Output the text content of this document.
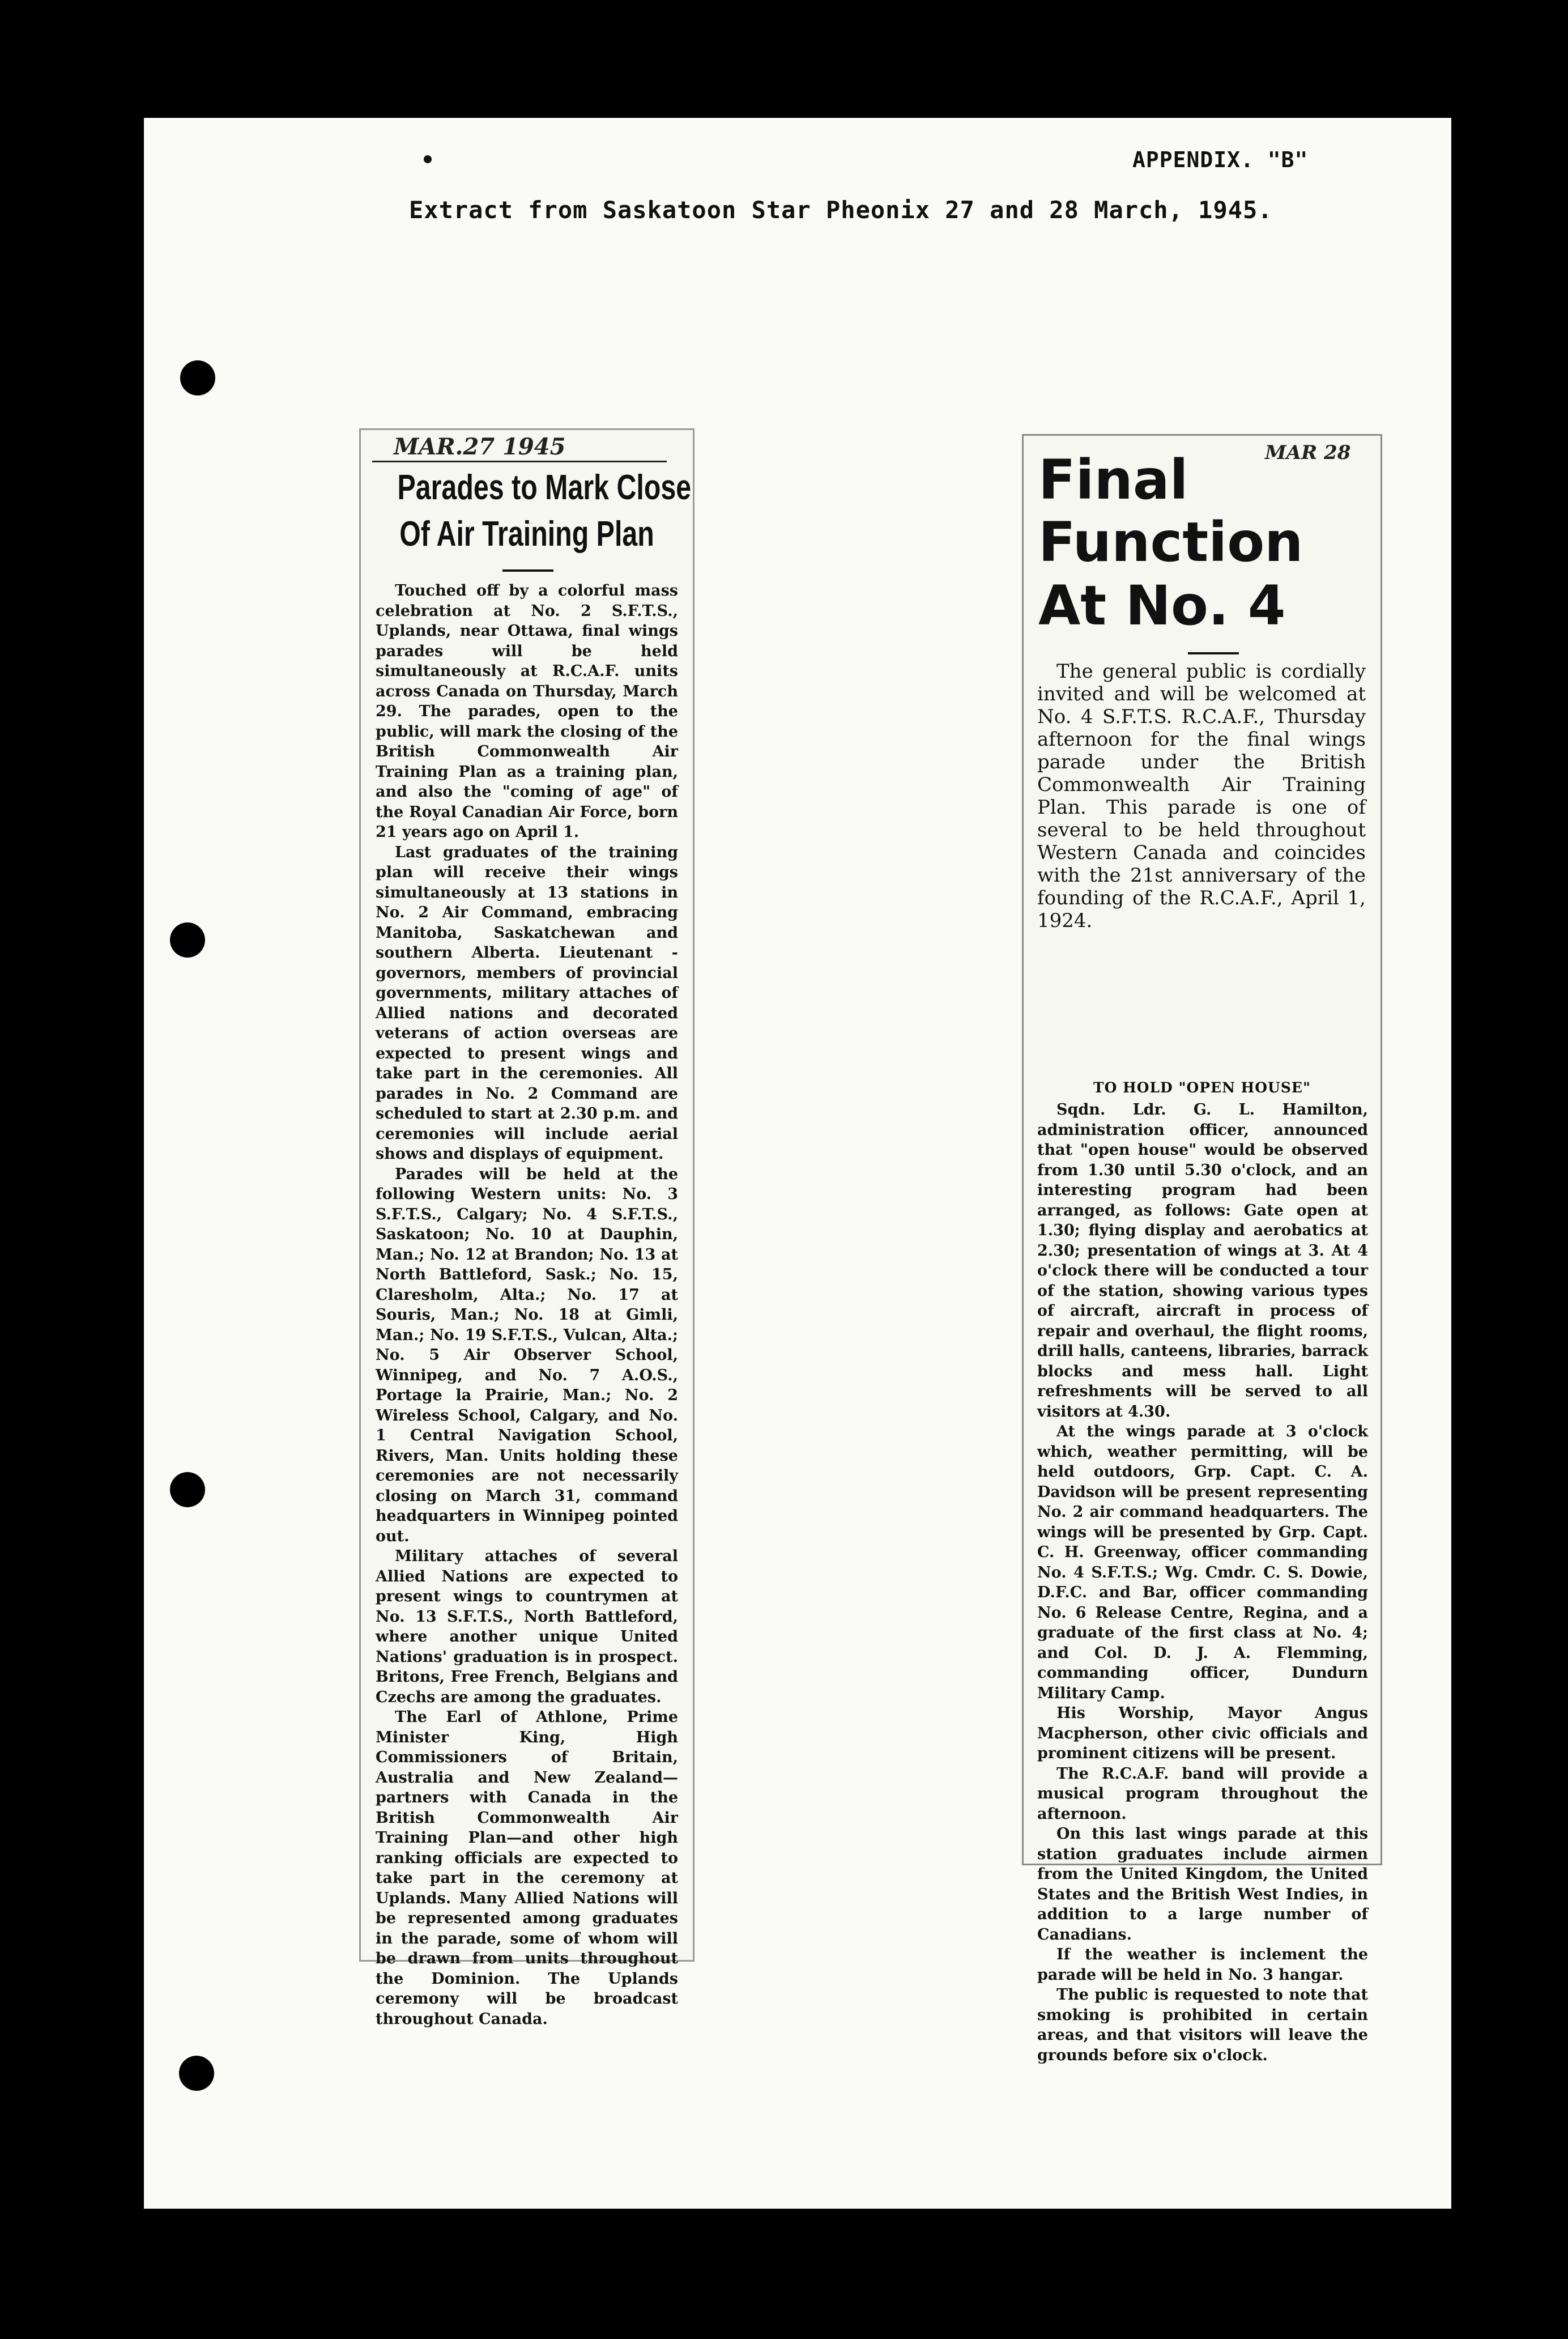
APPENDIX. "B"
Extract from Saskatoon Star Pheonix 27 and 28 March, 1945.
MAR.27 1945
Parades to Mark Close
Of Air Training Plan

Touched off by a colorful mass celebration at No. 2 S.F.T.S., Uplands, near Ottawa, final wings parades will be held simultaneously at R.C.A.F. units across Canada on Thursday, March 29. The parades, open to the public, will mark the closing of the British Commonwealth Air Training Plan as a training plan, and also the "coming of age" of the Royal Canadian Air Force, born 21 years ago on April 1.

Last graduates of the training plan will receive their wings simultaneously at 13 stations in No. 2 Air Command, embracing Manitoba, Saskatchewan and southern Alberta. Lieutenant - governors, members of provincial governments, military attaches of Allied nations and decorated veterans of action overseas are expected to present wings and take part in the ceremonies. All parades in No. 2 Command are scheduled to start at 2.30 p.m. and ceremonies will include aerial shows and displays of equipment.

Parades will be held at the following Western units: No. 3 S.F.T.S., Calgary; No. 4 S.F.T.S., Saskatoon; No. 10 at Dauphin, Man.; No. 12 at Brandon; No. 13 at North Battleford, Sask.; No. 15, Claresholm, Alta.; No. 17 at Souris, Man.; No. 18 at Gimli, Man.; No. 19 S.F.T.S., Vulcan, Alta.; No. 5 Air Observer School, Winnipeg, and No. 7 A.O.S., Portage la Prairie, Man.; No. 2 Wireless School, Calgary, and No. 1 Central Navigation School, Rivers, Man. Units holding these ceremonies are not necessarily closing on March 31, command headquarters in Winnipeg pointed out.

Military attaches of several Allied Nations are expected to present wings to countrymen at No. 13 S.F.T.S., North Battleford, where another unique United Nations' graduation is in prospect. Britons, Free French, Belgians and Czechs are among the graduates.

The Earl of Athlone, Prime Minister King, High Commissioners of Britain, Australia and New Zealand—partners with Canada in the British Commonwealth Air Training Plan—and other high ranking officials are expected to take part in the ceremony at Uplands. Many Allied Nations will be represented among graduates in the parade, some of whom will be drawn from units throughout the Dominion. The Uplands ceremony will be broadcast throughout Canada.

MAR 28
Final
Function
At No. 4

The general public is cordially invited and will be welcomed at No. 4 S.F.T.S. R.C.A.F., Thursday afternoon for the final wings parade under the British Commonwealth Air Training Plan. This parade is one of several to be held throughout Western Canada and coincides with the 21st anniversary of the founding of the R.C.A.F., April 1, 1924.

TO HOLD "OPEN HOUSE"

Sqdn. Ldr. G. L. Hamilton, administration officer, announced that "open house" would be observed from 1.30 until 5.30 o'clock, and an interesting program had been arranged, as follows: Gate open at 1.30; flying display and aerobatics at 2.30; presentation of wings at 3. At 4 o'clock there will be conducted a tour of the station, showing various types of aircraft, aircraft in process of repair and overhaul, the flight rooms, drill halls, canteens, libraries, barrack blocks and mess hall. Light refreshments will be served to all visitors at 4.30.

At the wings parade at 3 o'clock which, weather permitting, will be held outdoors, Grp. Capt. C. A. Davidson will be present representing No. 2 air command headquarters. The wings will be presented by Grp. Capt. C. H. Greenway, officer commanding No. 4 S.F.T.S.; Wg. Cmdr. C. S. Dowie, D.F.C. and Bar, officer commanding No. 6 Release Centre, Regina, and a graduate of the first class at No. 4; and Col. D. J. A. Flemming, commanding officer, Dundurn Military Camp.

His Worship, Mayor Angus Macpherson, other civic officials and prominent citizens will be present.

The R.C.A.F. band will provide a musical program throughout the afternoon.

On this last wings parade at this station graduates include airmen from the United Kingdom, the United States and the British West Indies, in addition to a large number of Canadians.

If the weather is inclement the parade will be held in No. 3 hangar.

The public is requested to note that smoking is prohibited in certain areas, and that visitors will leave the grounds before six o'clock.
